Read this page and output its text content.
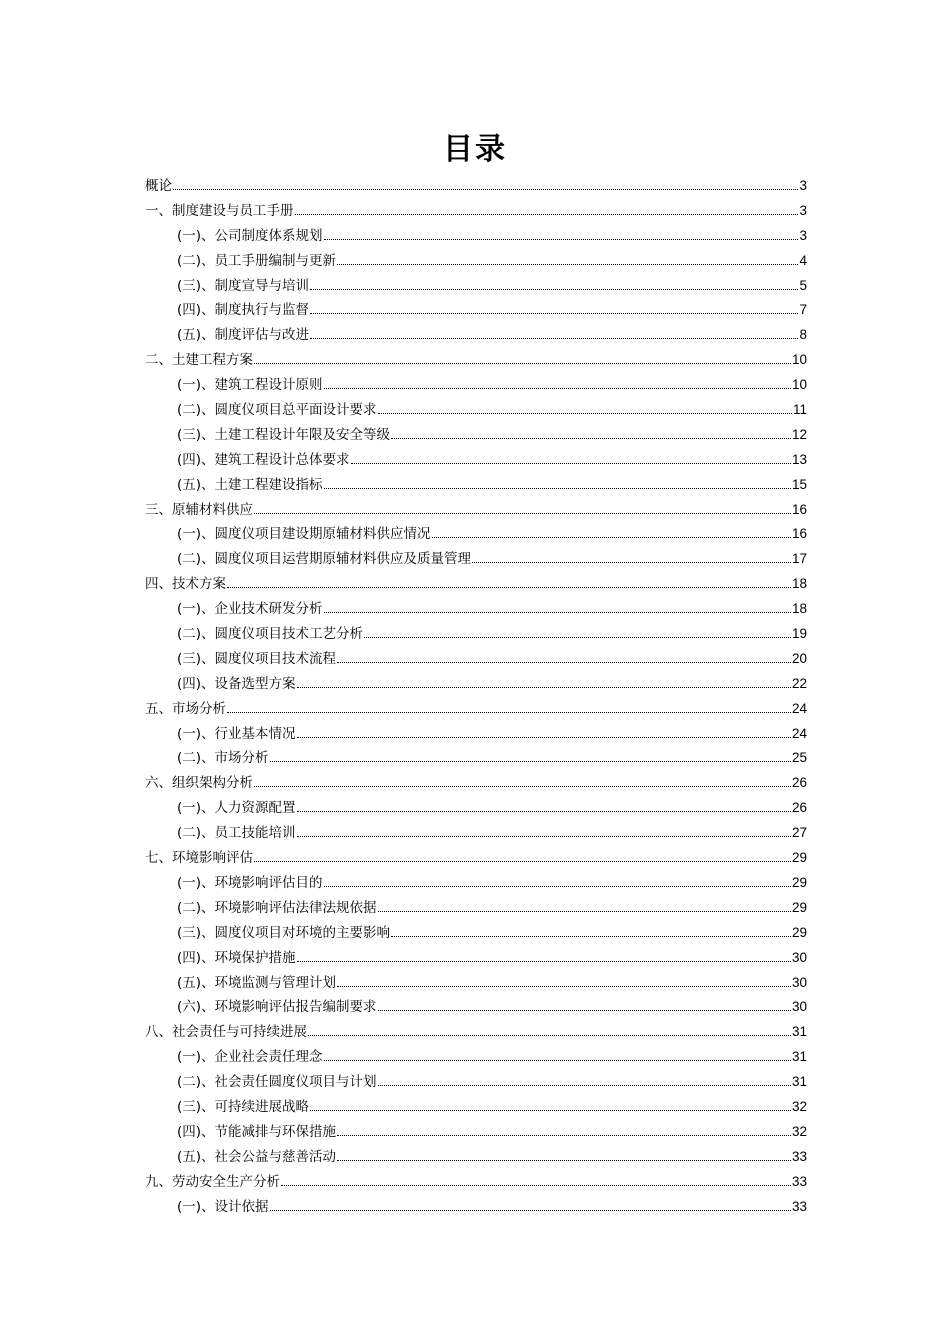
目录
概论	3
一、制度建设与员工手册	3
(一)、公司制度体系规划	3
(二)、员工手册编制与更新	4
(三)、制度宣导与培训	5
(四)、制度执行与监督	7
(五)、制度评估与改进	8
二、土建工程方案	10
(一)、建筑工程设计原则	10
(二)、圆度仪项目总平面设计要求	11
(三)、土建工程设计年限及安全等级	12
(四)、建筑工程设计总体要求	13
(五)、土建工程建设指标	15
三、原辅材料供应	16
(一)、圆度仪项目建设期原辅材料供应情况	16
(二)、圆度仪项目运营期原辅材料供应及质量管理	17
四、技术方案	18
(一)、企业技术研发分析	18
(二)、圆度仪项目技术工艺分析	19
(三)、圆度仪项目技术流程	20
(四)、设备选型方案	22
五、市场分析	24
(一)、行业基本情况	24
(二)、市场分析	25
六、组织架构分析	26
(一)、人力资源配置	26
(二)、员工技能培训	27
七、环境影响评估	29
(一)、环境影响评估目的	29
(二)、环境影响评估法律法规依据	29
(三)、圆度仪项目对环境的主要影响	29
(四)、环境保护措施	30
(五)、环境监测与管理计划	30
(六)、环境影响评估报告编制要求	30
八、社会责任与可持续进展	31
(一)、企业社会责任理念	31
(二)、社会责任圆度仪项目与计划	31
(三)、可持续进展战略	32
(四)、节能减排与环保措施	32
(五)、社会公益与慈善活动	33
九、劳动安全生产分析	33
(一)、设计依据	33
